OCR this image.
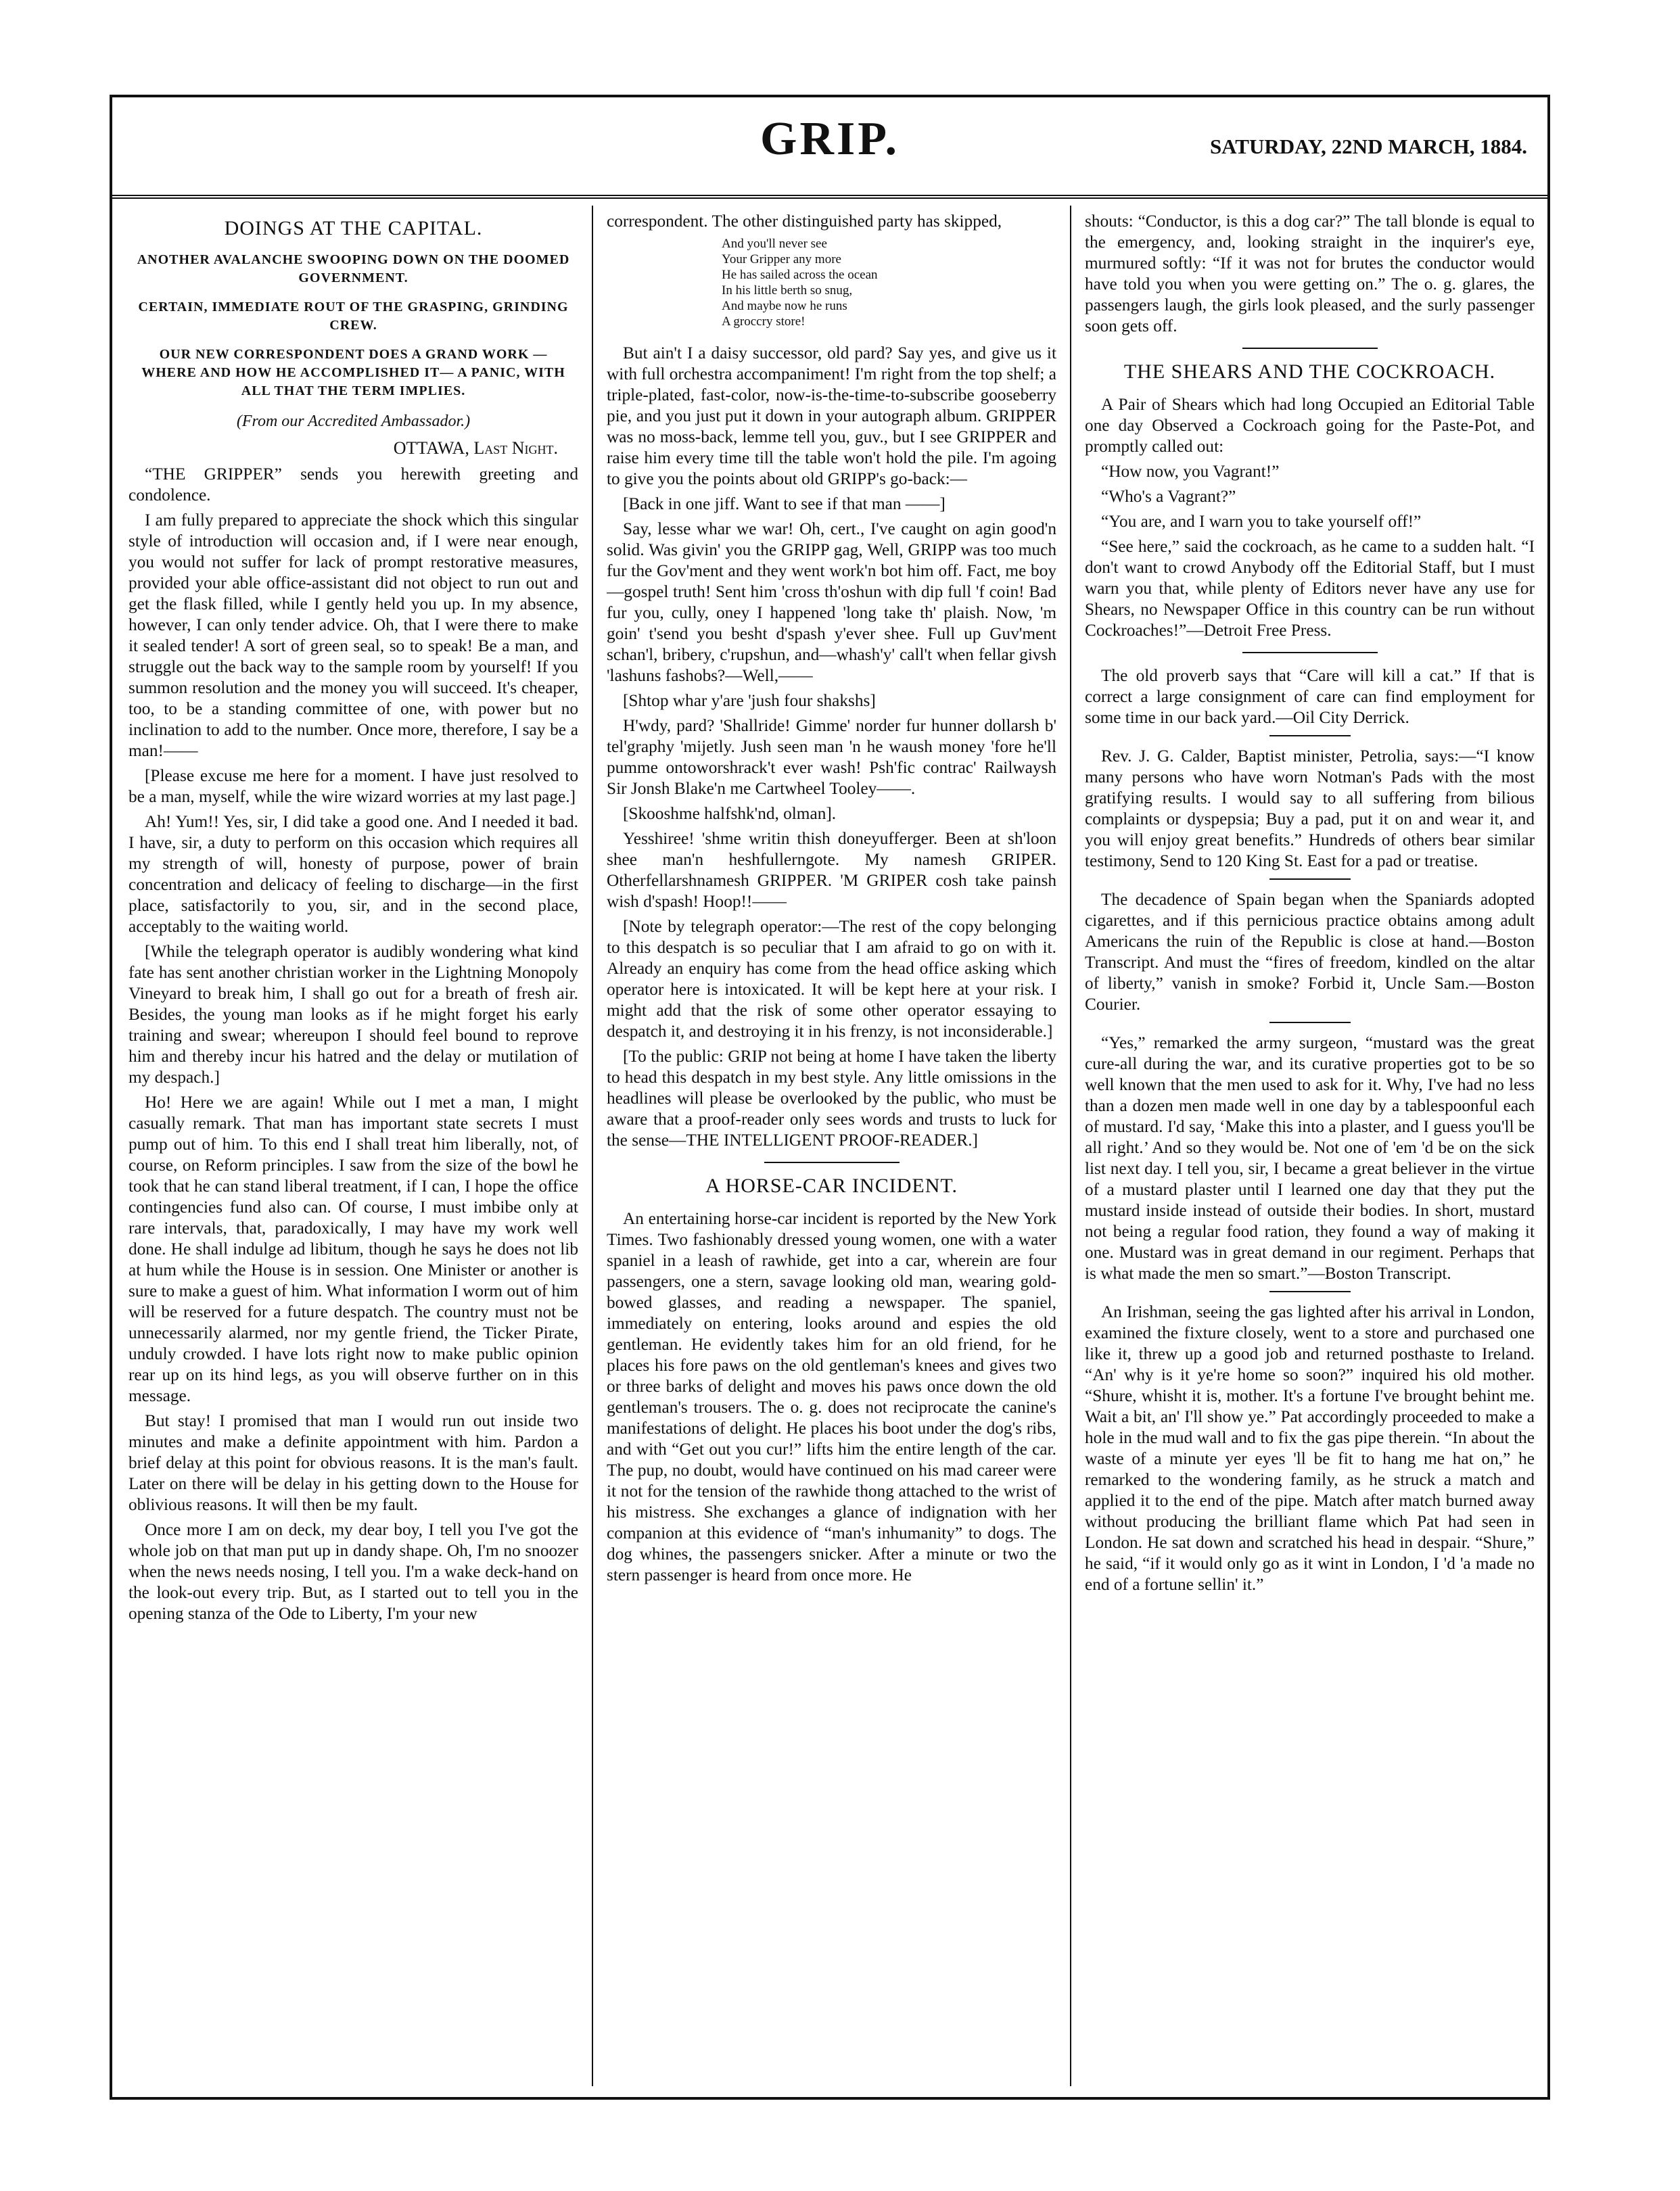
GRIP.	SATURDAY, 22ND MARCH, 1884.
DOINGS AT THE CAPITAL.
ANOTHER AVALANCHE SWOOPING DOWN ON THE DOOMED GOVERNMENT.
CERTAIN, IMMEDIATE ROUT OF THE GRASPING, GRINDING CREW.
OUR NEW CORRESPONDENT DOES A GRAND WORK —WHERE AND HOW HE ACCOMPLISHED IT— A PANIC, WITH ALL THAT THE TERM IMPLIES.
(From our Accredited Ambassador.)
OTTAWA, Last Night.

“THE GRIPPER” sends you herewith greeting and condolence.

I am fully prepared to appreciate the shock which this singular style of introduction will occasion and, if I were near enough, you would not suffer for lack of prompt restorative measures, provided your able office-assistant did not object to run out and get the flask filled, while I gently held you up. In my absence, however, I can only tender advice. Oh, that I were there to make it sealed tender! A sort of green seal, so to speak! Be a man, and struggle out the back way to the sample room by yourself! If you summon resolution and the money you will succeed. It's cheaper, too, to be a standing committee of one, with power but no inclination to add to the number. Once more, therefore, I say be a man!——

[Please excuse me here for a moment. I have just resolved to be a man, myself, while the wire wizard worries at my last page.]

Ah! Yum!! Yes, sir, I did take a good one. And I needed it bad. I have, sir, a duty to perform on this occasion which requires all my strength of will, honesty of purpose, power of brain concentration and delicacy of feeling to discharge—in the first place, satisfactorily to you, sir, and in the second place, acceptably to the waiting world.

[While the telegraph operator is audibly wondering what kind fate has sent another christian worker in the Lightning Monopoly Vineyard to break him, I shall go out for a breath of fresh air. Besides, the young man looks as if he might forget his early training and swear; whereupon I should feel bound to reprove him and thereby incur his hatred and the delay or mutilation of my despach.]

Ho! Here we are again! While out I met a man, I might casually remark. That man has important state secrets I must pump out of him. To this end I shall treat him liberally, not, of course, on Reform principles. I saw from the size of the bowl he took that he can stand liberal treatment, if I can, I hope the office contingencies fund also can. Of course, I must imbibe only at rare intervals, that, paradoxically, I may have my work well done. He shall indulge ad libitum, though he says he does not lib at hum while the House is in session. One Minister or another is sure to make a guest of him. What information I worm out of him will be reserved for a future despatch. The country must not be unnecessarily alarmed, nor my gentle friend, the Ticker Pirate, unduly crowded. I have lots right now to make public opinion rear up on its hind legs, as you will observe further on in this message.

But stay! I promised that man I would run out inside two minutes and make a definite appointment with him. Pardon a brief delay at this point for obvious reasons. It is the man's fault. Later on there will be delay in his getting down to the House for oblivious reasons. It will then be my fault.

Once more I am on deck, my dear boy, I tell you I've got the whole job on that man put up in dandy shape. Oh, I'm no snoozer when the news needs nosing, I tell you. I'm a wake deck-hand on the look-out every trip. But, as I started out to tell you in the opening stanza of the Ode to Liberty, I'm your new

correspondent. The other distinguished party has skipped,

And you'll never see
Your Gripper any more
He has sailed across the ocean
In his little berth so snug,
And maybe now he runs
A groccry store!

But ain't I a daisy successor, old pard? Say yes, and give us it with full orchestra accompaniment! I'm right from the top shelf; a triple-plated, fast-color, now-is-the-time-to-subscribe gooseberry pie, and you just put it down in your autograph album. GRIPPER was no moss-back, lemme tell you, guv., but I see GRIPPER and raise him every time till the table won't hold the pile. I'm agoing to give you the points about old GRIPP's go-back:—

[Back in one jiff. Want to see if that man ——]

Say, lesse whar we war! Oh, cert., I've caught on agin good'n solid. Was givin' you the GRIPP gag, Well, GRIPP was too much fur the Gov'ment and they went work'n bot him off. Fact, me boy—gospel truth! Sent him 'cross th'oshun with dip full 'f coin! Bad fur you, cully, oney I happened 'long take th' plaish. Now, 'm goin' t'send you besht d'spash y'ever shee. Full up Guv'ment schan'l, bribery, c'rupshun, and—whash'y' call't when fellar givsh 'lashuns fashobs?—Well,——

[Shtop whar y'are 'jush four shakshs]

H'wdy, pard? 'Shallride! Gimme' norder fur hunner dollarsh b' tel'graphy 'mijetly. Jush seen man 'n he waush money 'fore he'll pumme ontoworshrack't ever wash! Psh'fic contrac' Railwaysh Sir Jonsh Blake'n me Cartwheel Tooley——.

[Skooshme halfshk'nd, olman].

Yesshiree! 'shme writin thish doneyufferger. Been at sh'loon shee man'n heshfullerngote. My namesh GRIPER. Otherfellarshnamesh GRIPPER. 'M GRIPER cosh take painsh wish d'spash! Hoop!!——

[Note by telegraph operator:—The rest of the copy belonging to this despatch is so peculiar that I am afraid to go on with it. Already an enquiry has come from the head office asking which operator here is intoxicated. It will be kept here at your risk. I might add that the risk of some other operator essaying to despatch it, and destroying it in his frenzy, is not inconsiderable.]

[To the public: GRIP not being at home I have taken the liberty to head this despatch in my best style. Any little omissions in the headlines will please be overlooked by the public, who must be aware that a proof-reader only sees words and trusts to luck for the sense—THE INTELLIGENT PROOF-READER.]

A HORSE-CAR INCIDENT.

An entertaining horse-car incident is reported by the New York Times. Two fashionably dressed young women, one with a water spaniel in a leash of rawhide, get into a car, wherein are four passengers, one a stern, savage looking old man, wearing gold-bowed glasses, and reading a newspaper. The spaniel, immediately on entering, looks around and espies the old gentleman. He evidently takes him for an old friend, for he places his fore paws on the old gentleman's knees and gives two or three barks of delight and moves his paws once down the old gentleman's trousers. The o. g. does not reciprocate the canine's manifestations of delight. He places his boot under the dog's ribs, and with “Get out you cur!” lifts him the entire length of the car. The pup, no doubt, would have continued on his mad career were it not for the tension of the rawhide thong attached to the wrist of his mistress. She exchanges a glance of indignation with her companion at this evidence of “man's inhumanity” to dogs. The dog whines, the passengers snicker. After a minute or two the stern passenger is heard from once more. He

shouts: “Conductor, is this a dog car?” The tall blonde is equal to the emergency, and, looking straight in the inquirer's eye, murmured softly: “If it was not for brutes the conductor would have told you when you were getting on.” The o. g. glares, the passengers laugh, the girls look pleased, and the surly passenger soon gets off.

THE SHEARS AND THE COCKROACH.

A Pair of Shears which had long Occupied an Editorial Table one day Observed a Cockroach going for the Paste-Pot, and promptly called out:

“How now, you Vagrant!”

“Who's a Vagrant?”

“You are, and I warn you to take yourself off!”

“See here,” said the cockroach, as he came to a sudden halt. “I don't want to crowd Anybody off the Editorial Staff, but I must warn you that, while plenty of Editors never have any use for Shears, no Newspaper Office in this country can be run without Cockroaches!”—Detroit Free Press.

The old proverb says that “Care will kill a cat.” If that is correct a large consignment of care can find employment for some time in our back yard.—Oil City Derrick.

Rev. J. G. Calder, Baptist minister, Petrolia, says:—“I know many persons who have worn Notman's Pads with the most gratifying results. I would say to all suffering from bilious complaints or dyspepsia; Buy a pad, put it on and wear it, and you will enjoy great benefits.” Hundreds of others bear similar testimony, Send to 120 King St. East for a pad or treatise.

The decadence of Spain began when the Spaniards adopted cigarettes, and if this pernicious practice obtains among adult Americans the ruin of the Republic is close at hand.—Boston Transcript. And must the “fires of freedom, kindled on the altar of liberty,” vanish in smoke? Forbid it, Uncle Sam.—Boston Courier.

“Yes,” remarked the army surgeon, “mustard was the great cure-all during the war, and its curative properties got to be so well known that the men used to ask for it. Why, I've had no less than a dozen men made well in one day by a tablespoonful each of mustard. I'd say, ‘Make this into a plaster, and I guess you'll be all right.’ And so they would be. Not one of 'em 'd be on the sick list next day. I tell you, sir, I became a great believer in the virtue of a mustard plaster until I learned one day that they put the mustard inside instead of outside their bodies. In short, mustard not being a regular food ration, they found a way of making it one. Mustard was in great demand in our regiment. Perhaps that is what made the men so smart.”—Boston Transcript.

An Irishman, seeing the gas lighted after his arrival in London, examined the fixture closely, went to a store and purchased one like it, threw up a good job and returned posthaste to Ireland. “An' why is it ye're home so soon?” inquired his old mother. “Shure, whisht it is, mother. It's a fortune I've brought behint me. Wait a bit, an' I'll show ye.” Pat accordingly proceeded to make a hole in the mud wall and to fix the gas pipe therein. “In about the waste of a minute yer eyes 'll be fit to hang me hat on,” he remarked to the wondering family, as he struck a match and applied it to the end of the pipe. Match after match burned away without producing the brilliant flame which Pat had seen in London. He sat down and scratched his head in despair. “Shure,” he said, “if it would only go as it wint in London, I 'd 'a made no end of a fortune sellin' it.”
